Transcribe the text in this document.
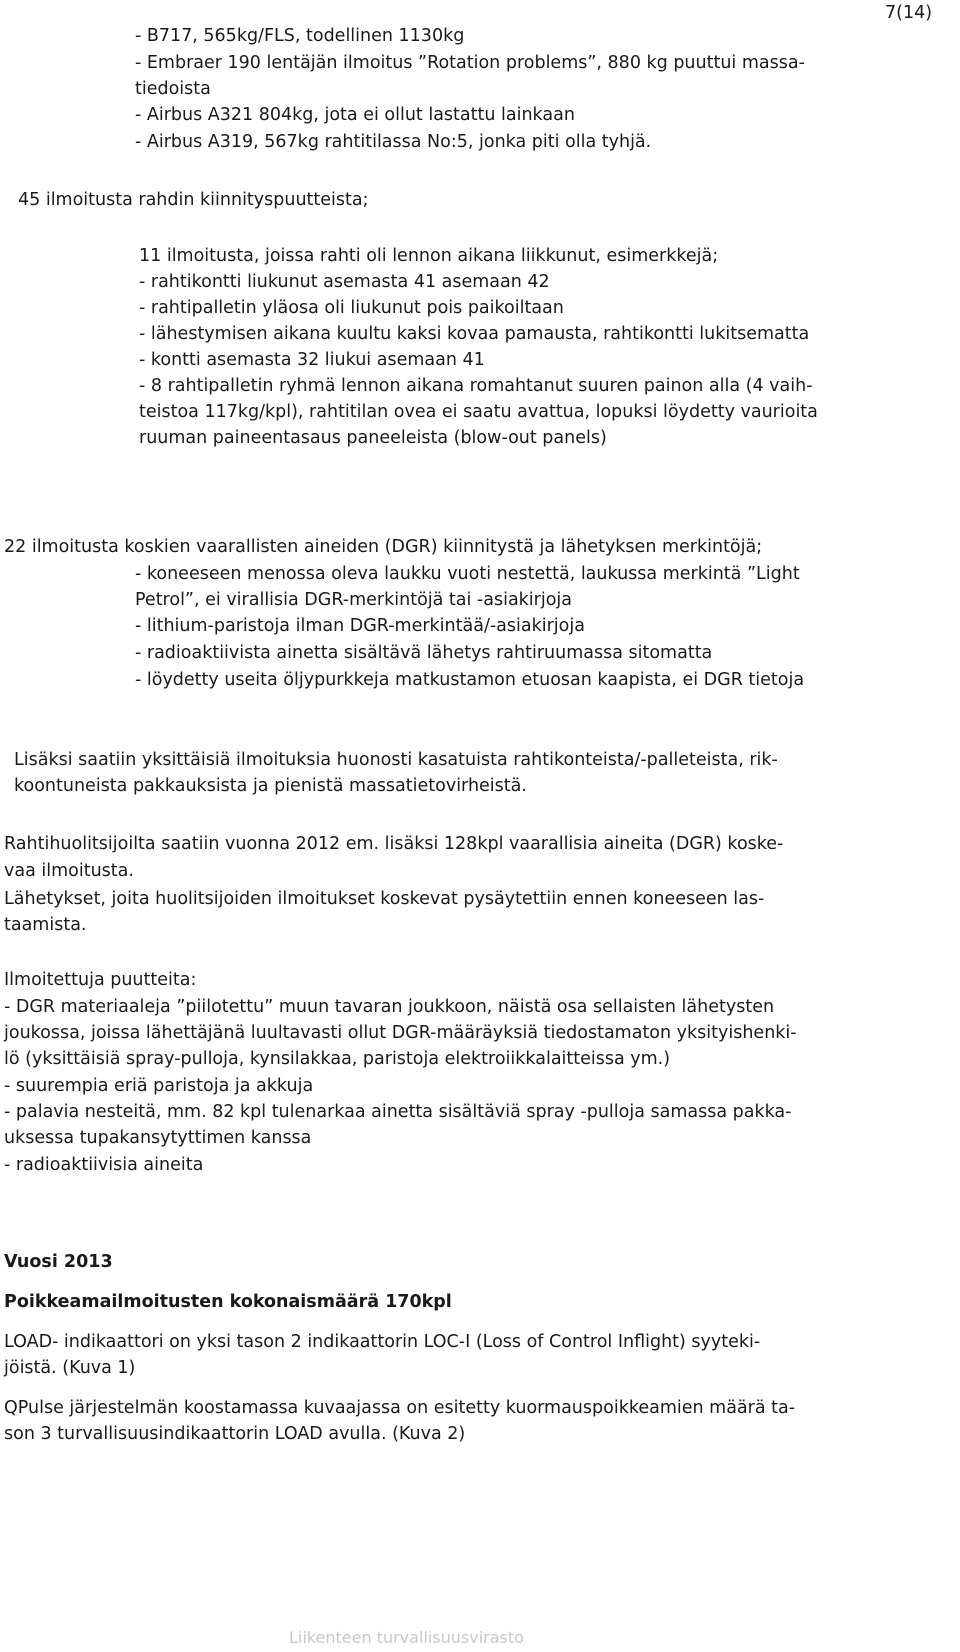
7(14)
- B717, 565kg/FLS, todellinen 1130kg
- Embraer 190 lentäjän ilmoitus ”Rotation problems”, 880 kg puuttui massa-
tiedoista
- Airbus A321 804kg, jota ei ollut lastattu lainkaan
- Airbus A319, 567kg rahtitilassa No:5, jonka piti olla tyhjä.
45 ilmoitusta rahdin kiinnityspuutteista;
11 ilmoitusta, joissa rahti oli lennon aikana liikkunut, esimerkkejä;
- rahtikontti liukunut asemasta 41 asemaan 42
- rahtipalletin yläosa oli liukunut pois paikoiltaan
- lähestymisen aikana kuultu kaksi kovaa pamausta, rahtikontti lukitsematta
- kontti asemasta 32 liukui asemaan 41
- 8 rahtipalletin ryhmä lennon aikana romahtanut suuren painon alla (4 vaih-
teistoa 117kg/kpl), rahtitilan ovea ei saatu avattua, lopuksi löydetty vaurioita
ruuman paineentasaus paneeleista (blow-out panels)
22 ilmoitusta koskien vaarallisten aineiden (DGR) kiinnitystä ja lähetyksen merkintöjä;
- koneeseen menossa oleva laukku vuoti nestettä, laukussa merkintä ”Light
Petrol”, ei virallisia DGR-merkintöjä tai -asiakirjoja
- lithium-paristoja ilman DGR-merkintää/-asiakirjoja
- radioaktiivista ainetta sisältävä lähetys rahtiruumassa sitomatta
- löydetty useita öljypurkkeja matkustamon etuosan kaapista, ei DGR tietoja
Lisäksi saatiin yksittäisiä ilmoituksia huonosti kasatuista rahtikonteista/-palleteista, rik-
koontuneista pakkauksista ja pienistä massatietovirheistä.
Rahtihuolitsijoilta saatiin vuonna 2012 em. lisäksi 128kpl vaarallisia aineita (DGR) koske-
vaa ilmoitusta.
Lähetykset, joita huolitsijoiden ilmoitukset koskevat pysäytettiin ennen koneeseen las-
taamista.
Ilmoitettuja puutteita:
- DGR materiaaleja ”piilotettu” muun tavaran joukkoon, näistä osa sellaisten lähetysten
joukossa, joissa lähettäjänä luultavasti ollut DGR-määräyksiä tiedostamaton yksityishenki-
lö (yksittäisiä spray-pulloja, kynsilakkaa, paristoja elektroiikkalaitteissa ym.)
- suurempia eriä paristoja ja akkuja
- palavia nesteitä, mm. 82 kpl tulenarkaa ainetta sisältäviä spray -pulloja samassa pakka-
uksessa tupakansytyttimen kanssa
- radioaktiivisia aineita
Vuosi 2013
Poikkeamailmoitusten kokonaismäärä 170kpl
LOAD- indikaattori on yksi tason 2 indikaattorin LOC-I (Loss of Control Inflight) syyteki-
jöistä. (Kuva 1)
QPulse järjestelmän koostamassa kuvaajassa on esitetty kuormauspoikkeamien määrä ta-
son 3 turvallisuusindikaattorin LOAD avulla. (Kuva 2)
Liikenteen turvallisuusvirasto
